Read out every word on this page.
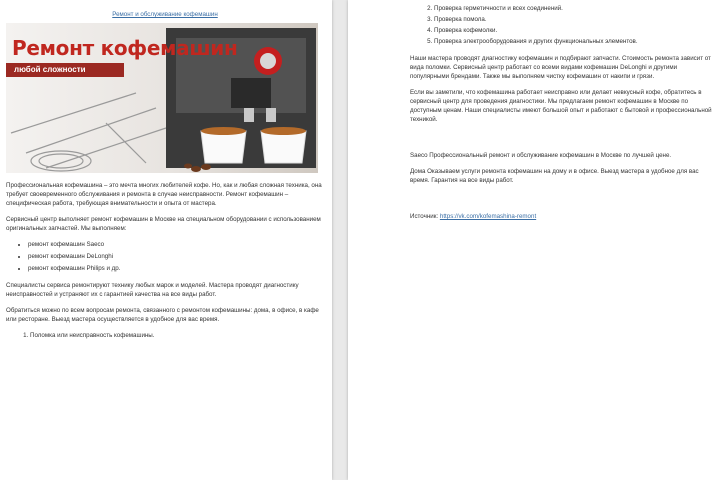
Ремонт и обслуживание кофемашин
Ремонт кофемашин
любой сложности

Профессиональная кофемашина – это мечта многих любителей кофе. Но, как и любая сложная техника, она требует своевременного обслуживания и ремонта в случае неисправности. Ремонт кофемашин – специфическая работа, требующая внимательности и опыта от мастера.

Сервисный центр выполняет ремонт кофемашин в Москве на специальном оборудовании с использованием оригинальных запчастей. Мы выполняем:

• ремонт кофемашин Saeco
• ремонт кофемашин DeLonghi
• ремонт кофемашин Philips и др.

Специалисты сервиса ремонтируют технику любых марок и моделей. Мастера проводят диагностику неисправностей и устраняют их с гарантией качества на все виды работ.

Обратиться можно по всем вопросам ремонта, связанного с ремонтом кофемашины: дома, в офисе, в кафе или ресторане. Выезд мастера осуществляется в удобное для вас время.

1. Поломка или неисправность кофемашины.
2. Проверка герметичности и всех соединений.
3. Проверка помола.
4. Проверка кофемолки.
5. Проверка электрооборудования и других функциональных элементов.

Наши мастера проводят диагностику кофемашин и подбирают запчасти. Стоимость ремонта зависит от вида поломки. Сервисный центр работает со всеми видами кофемашин DeLonghi и другими популярными брендами. Также мы выполняем чистку кофемашин от накипи и грязи.

Если вы заметили, что кофемашина работает неисправно или делает невкусный кофе, обратитесь в сервисный центр для проведения диагностики. Мы предлагаем ремонт кофемашин в Москве по доступным ценам. Наши специалисты имеют большой опыт и работают с бытовой и профессиональной техникой.

Saeco Профессиональный ремонт и обслуживание кофемашин в Москве по лучшей цене.

Дома Оказываем услуги ремонта кофемашин на дому и в офисе. Выезд мастера в удобное для вас время. Гарантия на все виды работ.

Источник: https://vk.com/kofemashina-remont
